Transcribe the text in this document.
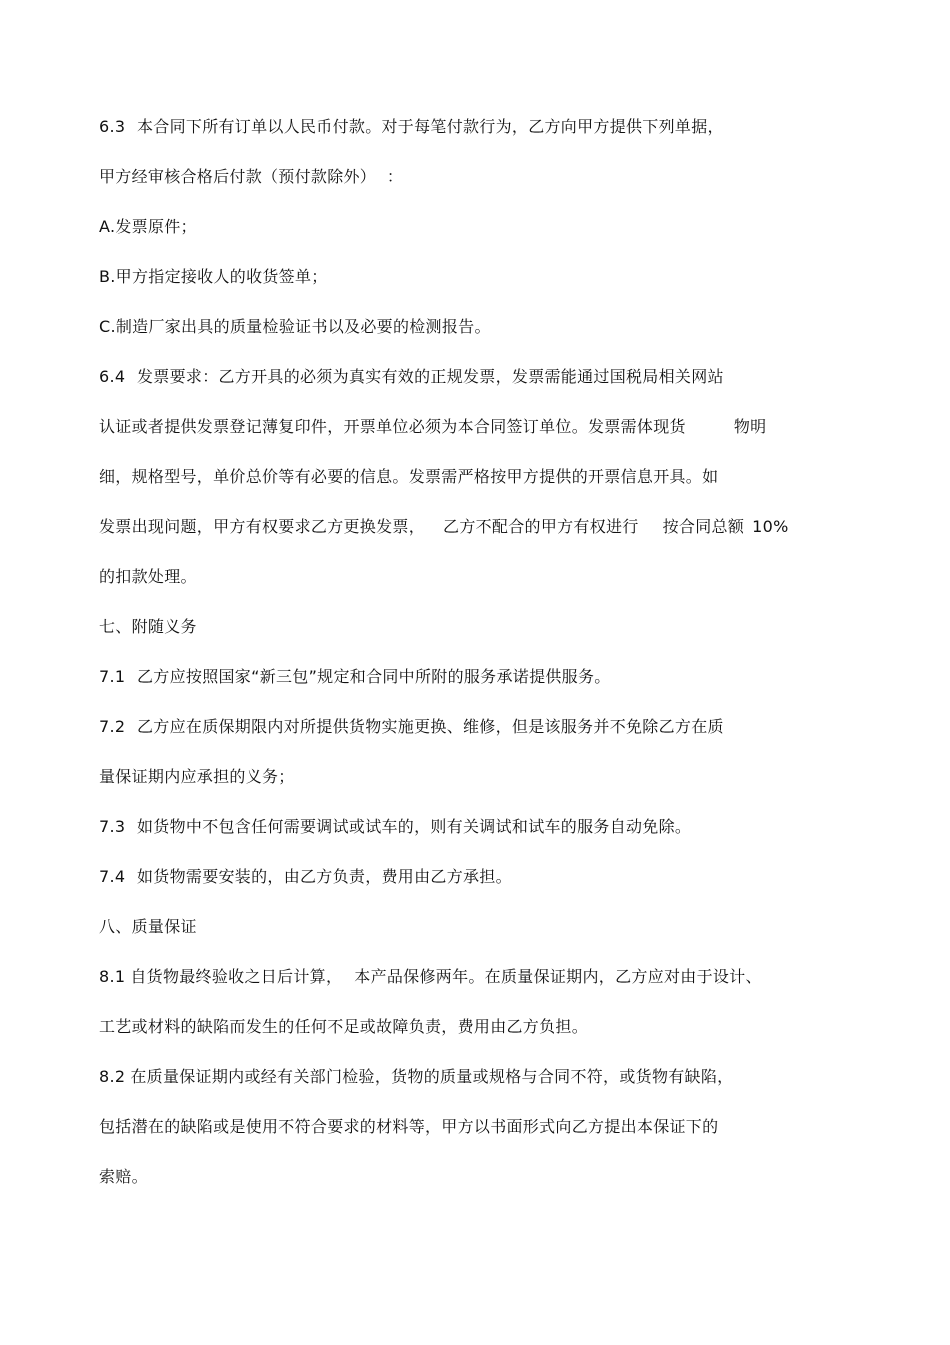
6.3 本合同下所有订单以人民币付款。对于每笔付款行为，乙方向甲方提供下列单据，
甲方经审核合格后付款（预付款除外）  ：
A.发票原件；
B.甲方指定接收人的收货签单；
C.制造厂家出具的质量检验证书以及必要的检测报告。
6.4 发票要求：乙方开具的必须为真实有效的正规发票，发票需能通过国税局相关网站
认证或者提供发票登记薄复印件，开票单位必须为本合同签订单位。发票需体现货	物明
细，规格型号，单价总价等有必要的信息。发票需严格按甲方提供的开票信息开具。如
发票出现问题，甲方有权要求乙方更换发票， 乙方不配合的甲方有权进行 按合同总额 10%
的扣款处理。
七、附随义务
7.1 乙方应按照国家“新三包”规定和合同中所附的服务承诺提供服务。
7.2 乙方应在质保期限内对所提供货物实施更换、维修，但是该服务并不免除乙方在质
量保证期内应承担的义务；
7.3 如货物中不包含任何需要调试或试车的，则有关调试和试车的服务自动免除。
7.4 如货物需要安装的，由乙方负责，费用由乙方承担。
八、质量保证
8.1 自货物最终验收之日后计算， 本产品保修两年。在质量保证期内，乙方应对由于设计、
工艺或材料的缺陷而发生的任何不足或故障负责，费用由乙方负担。
8.2 在质量保证期内或经有关部门检验，货物的质量或规格与合同不符，或货物有缺陷，
包括潜在的缺陷或是使用不符合要求的材料等，甲方以书面形式向乙方提出本保证下的
索赔。
